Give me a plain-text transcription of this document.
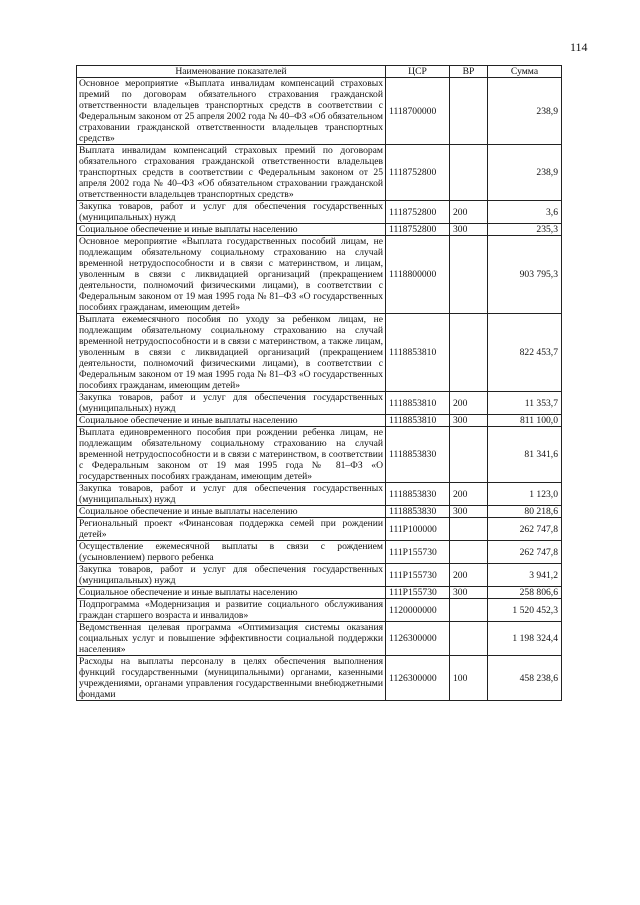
114
Наименование показателей	ЦСР	ВР	Сумма
Основное мероприятие «Выплата инвалидам компенсаций страховых премий по договорам обязательного страхования гражданской ответственности владельцев транспортных средств в соответствии с Федеральным законом от 25 апреля 2002 года № 40–ФЗ «Об обязательном страховании гражданской ответственности владельцев транспортных средств»	1118700000		238,9
Выплата инвалидам компенсаций страховых премий по договорам обязательного страхования гражданской ответственности владельцев транспортных средств в соответствии с Федеральным законом от 25 апреля 2002 года № 40–ФЗ «Об обязательном страховании гражданской ответственности владельцев транспортных средств»	1118752800		238,9
Закупка товаров, работ и услуг для обеспечения государственных (муниципальных) нужд	1118752800	200	3,6
Социальное обеспечение и иные выплаты населению	1118752800	300	235,3
Основное мероприятие «Выплата государственных пособий лицам, не подлежащим обязательному социальному страхованию на случай временной нетрудоспособности и в связи с материнством, и лицам, уволенным в связи с ликвидацией организаций (прекращением деятельности, полномочий физическими лицами), в соответствии с Федеральным законом от 19 мая 1995 года № 81–ФЗ «О государственных пособиях гражданам, имеющим детей»	1118800000		903 795,3
Выплата ежемесячного пособия по уходу за ребенком лицам, не подлежащим обязательному социальному страхованию на случай временной нетрудоспособности и в связи с материнством, а также лицам, уволенным в связи с ликвидацией организаций (прекращением деятельности, полномочий физическими лицами), в соответствии с Федеральным законом от 19 мая 1995 года № 81–ФЗ «О государственных пособиях гражданам, имеющим детей»	1118853810		822 453,7
Закупка товаров, работ и услуг для обеспечения государственных (муниципальных) нужд	1118853810	200	11 353,7
Социальное обеспечение и иные выплаты населению	1118853810	300	811 100,0
Выплата единовременного пособия при рождении ребенка лицам, не подлежащим обязательному социальному страхованию на случай временной нетрудоспособности и в связи с материнством, в соответствии с Федеральным законом от 19 мая 1995 года № 81–ФЗ «О государственных пособиях гражданам, имеющим детей»	1118853830		81 341,6
Закупка товаров, работ и услуг для обеспечения государственных (муниципальных) нужд	1118853830	200	1 123,0
Социальное обеспечение и иные выплаты населению	1118853830	300	80 218,6
Региональный проект «Финансовая поддержка семей при рождении детей»	111P100000		262 747,8
Осуществление ежемесячной выплаты в связи с рождением (усыновлением) первого ребенка	111P155730		262 747,8
Закупка товаров, работ и услуг для обеспечения государственных (муниципальных) нужд	111P155730	200	3 941,2
Социальное обеспечение и иные выплаты населению	111P155730	300	258 806,6
Подпрограмма «Модернизация и развитие социального обслуживания граждан старшего возраста и инвалидов»	1120000000		1 520 452,3
Ведомственная целевая программа «Оптимизация системы оказания социальных услуг и повышение эффективности социальной поддержки населения»	1126300000		1 198 324,4
Расходы на выплаты персоналу в целях обеспечения выполнения функций государственными (муниципальными) органами, казенными учреждениями, органами управления государственными внебюджетными фондами	1126300000	100	458 238,6
